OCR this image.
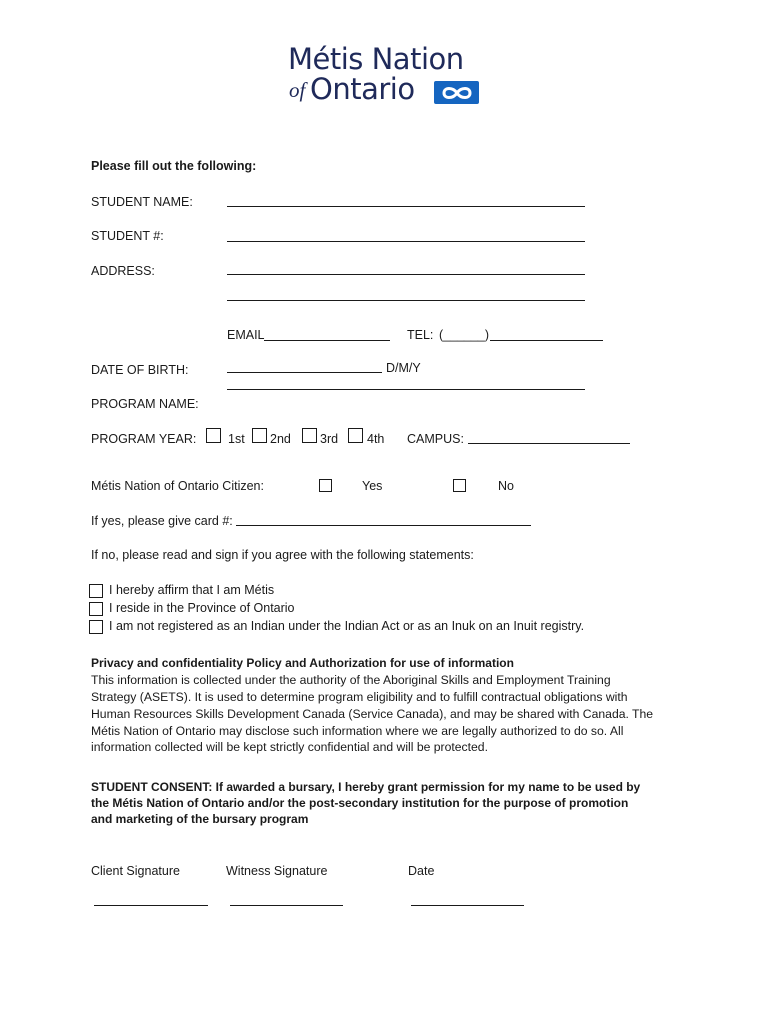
Métis Nation
of Ontario
Please fill out the following:
STUDENT NAME:
STUDENT #:
ADDRESS:
EMAIL	TEL: (______)
DATE OF BIRTH:	D/M/Y
PROGRAM NAME:
PROGRAM YEAR:	1st 2nd 3rd 4th CAMPUS:
Métis Nation of Ontario Citizen:	Yes	No
If yes, please give card #:
If no, please read and sign if you agree with the following statements:
I hereby affirm that I am Métis
I reside in the Province of Ontario
I am not registered as an Indian under the Indian Act or as an Inuk on an Inuit registry.
Privacy and confidentiality Policy and Authorization for use of information
This information is collected under the authority of the Aboriginal Skills and Employment Training
Strategy (ASETS). It is used to determine program eligibility and to fulfill contractual obligations with
Human Resources Skills Development Canada (Service Canada), and may be shared with Canada. The
Métis Nation of Ontario may disclose such information where we are legally authorized to do so. All
information collected will be kept strictly confidential and will be protected.
STUDENT CONSENT: If awarded a bursary, I hereby grant permission for my name to be used by
the Métis Nation of Ontario and/or the post-secondary institution for the purpose of promotion
and marketing of the bursary program
Client Signature	Witness Signature	Date
